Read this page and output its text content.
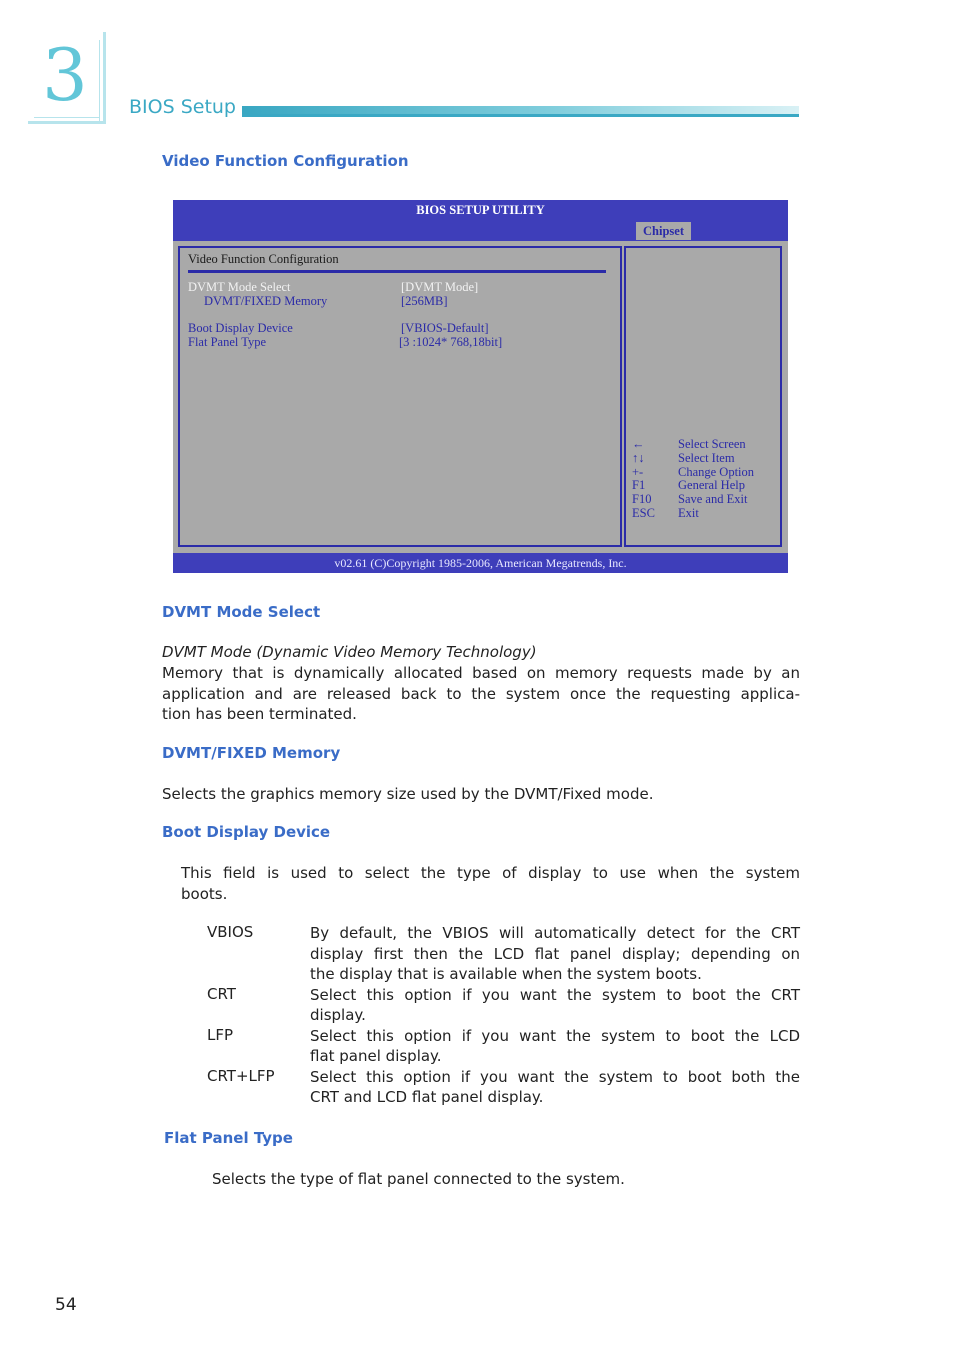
3 BIOS Setup
Video Function Configuration
BIOS SETUP UTILITY
Chipset
Video Function Configuration
DVMT Mode Select	[DVMT Mode]
DVMT/FIXED Memory	[256MB]
Boot Display Device	[VBIOS-Default]
Flat Panel Type	[3 :1024* 768,18bit]
←	Select Screen
↑↓	Select Item
+-	Change Option
F1	General Help
F10 Save and Exit
ESC Exit
v02.61 (C)Copyright 1985-2006, American Megatrends, Inc.
DVMT Mode Select
DVMT Mode (Dynamic Video Memory Technology)
Memory that is dynamically allocated based on memory requests made by an
application and are released back to the system once the requesting applica-
tion has been terminated.
DVMT/FIXED Memory
Selects the graphics memory size used by the DVMT/Fixed mode.
Boot Display Device
This field is used to select the type of display to use when the system
boots.
VBIOS	By default, the VBIOS will automatically detect for the CRT
display first then the LCD flat panel display; depending on
the display that is available when the system boots.
CRT	Select this option if you want the system to boot the CRT
display.
LFP	Select this option if you want the system to boot the LCD
flat panel display.
CRT+LFP Select this option if you want the system to boot both the
CRT and LCD flat panel display.
Flat Panel Type
Selects the type of flat panel connected to the system.
54
